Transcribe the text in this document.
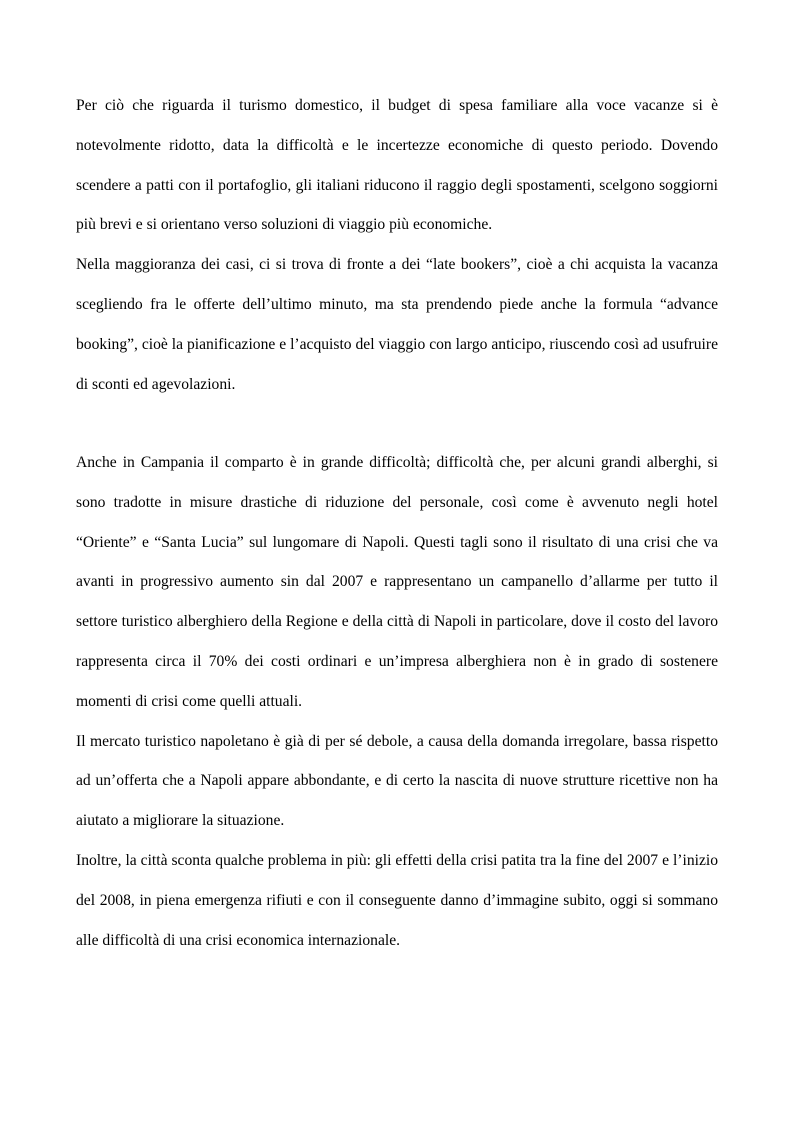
Per ciò che riguarda il turismo domestico, il budget di spesa familiare alla voce vacanze si è notevolmente ridotto, data la difficoltà e le incertezze economiche di questo periodo. Dovendo scendere a patti con il portafoglio, gli italiani riducono il raggio degli spostamenti, scelgono soggiorni più brevi e si orientano verso soluzioni di viaggio più economiche.

Nella maggioranza dei casi, ci si trova di fronte a dei “late bookers”, cioè a chi acquista la vacanza scegliendo fra le offerte dell’ultimo minuto, ma sta prendendo piede anche la formula “advance booking”, cioè la pianificazione e l’acquisto del viaggio con largo anticipo, riuscendo così ad usufruire di sconti ed agevolazioni.

Anche in Campania il comparto è in grande difficoltà; difficoltà che, per alcuni grandi alberghi, si sono tradotte in misure drastiche di riduzione del personale, così come è avvenuto negli hotel “Oriente” e “Santa Lucia” sul lungomare di Napoli. Questi tagli sono il risultato di una crisi che va avanti in progressivo aumento sin dal 2007 e rappresentano un campanello d’allarme per tutto il settore turistico alberghiero della Regione e della città di Napoli in particolare, dove il costo del lavoro rappresenta circa il 70% dei costi ordinari e un’impresa alberghiera non è in grado di sostenere momenti di crisi come quelli attuali.

Il mercato turistico napoletano è già di per sé debole, a causa della domanda irregolare, bassa rispetto ad un’offerta che a Napoli appare abbondante, e di certo la nascita di nuove strutture ricettive non ha aiutato a migliorare la situazione.

Inoltre, la città sconta qualche problema in più: gli effetti della crisi patita tra la fine del 2007 e l’inizio del 2008, in piena emergenza rifiuti e con il conseguente danno d’immagine subito, oggi si sommano alle difficoltà di una crisi economica internazionale.
